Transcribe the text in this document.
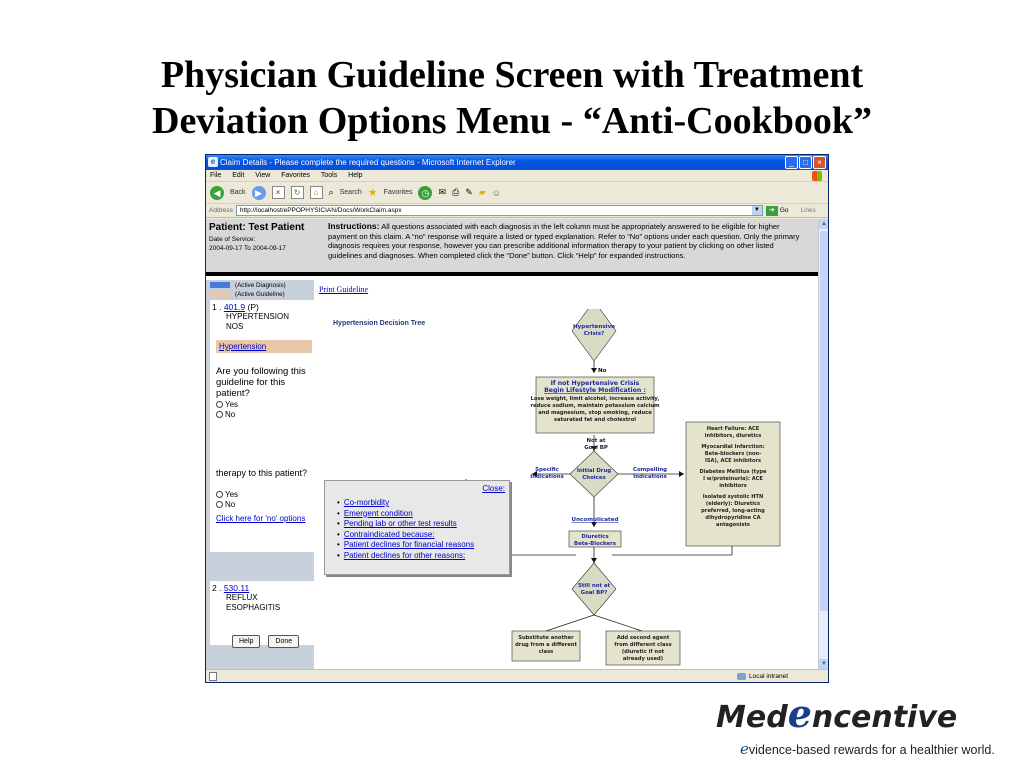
Physician Guideline Screen with Treatment
Deviation Options Menu - “Anti-Cookbook”
e Claim Details - Please complete the required questions - Microsoft Internet Explorer	_	□	×
File Edit View Favorites Tools Help
◀	Back	▶	×	↻	⌂	⌕ Search ★ Favorites	◷	✉ ⎙ ✎ ▰ ☺
Address	http://localhost/ePPOPHYSICIAN/Docs/WorkClaim.aspx	▼	➔ Go Links
Patient: Test Patient
Date of Service:
2004-09-17 To 2004-09-17
Instructions: All questions associated with each diagnosis in the left column must be appropriately answered to be eligible for higher payment on this claim. A “no” response will require a listed or typed explanation. Refer to “No” options under each question. Only the primary diagnosis requires your response, however you can prescribe additional information therapy to your patient by clicking on other listed guidelines and diagnoses. When completed click the “Done” button. Click “Help” for expanded instructions.
(Active Diagnosis)
(Active Guideline)
1 . 401.9 (P)
HYPERTENSION
NOS
Hypertension
Are you following this guideline for this patient?
Yes
No
therapy to this patient?
Yes
No
Click here for 'no' options
2 . 530.11
REFLUX
ESOPHAGITIS
Help	Done
Print Guideline
Hypertension Decision Tree	Hypertensive
Crisis?
No
If not Hypertensive Crisis
Begin Lifestyle Modification :
Lose weight, limit alcohol, increase activity,
reduce sodium, maintain potassium calcium
and magnesium, stop smoking, reduce
saturated fat and cholestrol
Not at
Goal BP
Initial Drug
Choices
Specific
Indications
Compelling
Indications
Heart Failure: ACE
inhibitors, diuretics
Myocardial Infarction:
Beta-blockers (non-
ISA), ACE inhibitors
Diabetes Mellitus (type
I w/proteinuria): ACE
inhibitors
Isolated systolic HTN
(elderly): Diuretics
preferred, long-acting
dihydropyridine CA
antagonists
Uncomplicated
Diuretics
Beta-Blockers
Still not at
Goal BP?
Substitute another
drug from a different
class
Add second agent
from different class
(diuretic if not
already used)
Close:
• Co-morbidity
• Emergent condition
• Pending lab or other test results
• Contraindicated because:
• Patient declines for financial reasons
• Patient declines for other reasons:
▲
▼
Local intranet
Medencentive
evidence-based rewards for a healthier world.
